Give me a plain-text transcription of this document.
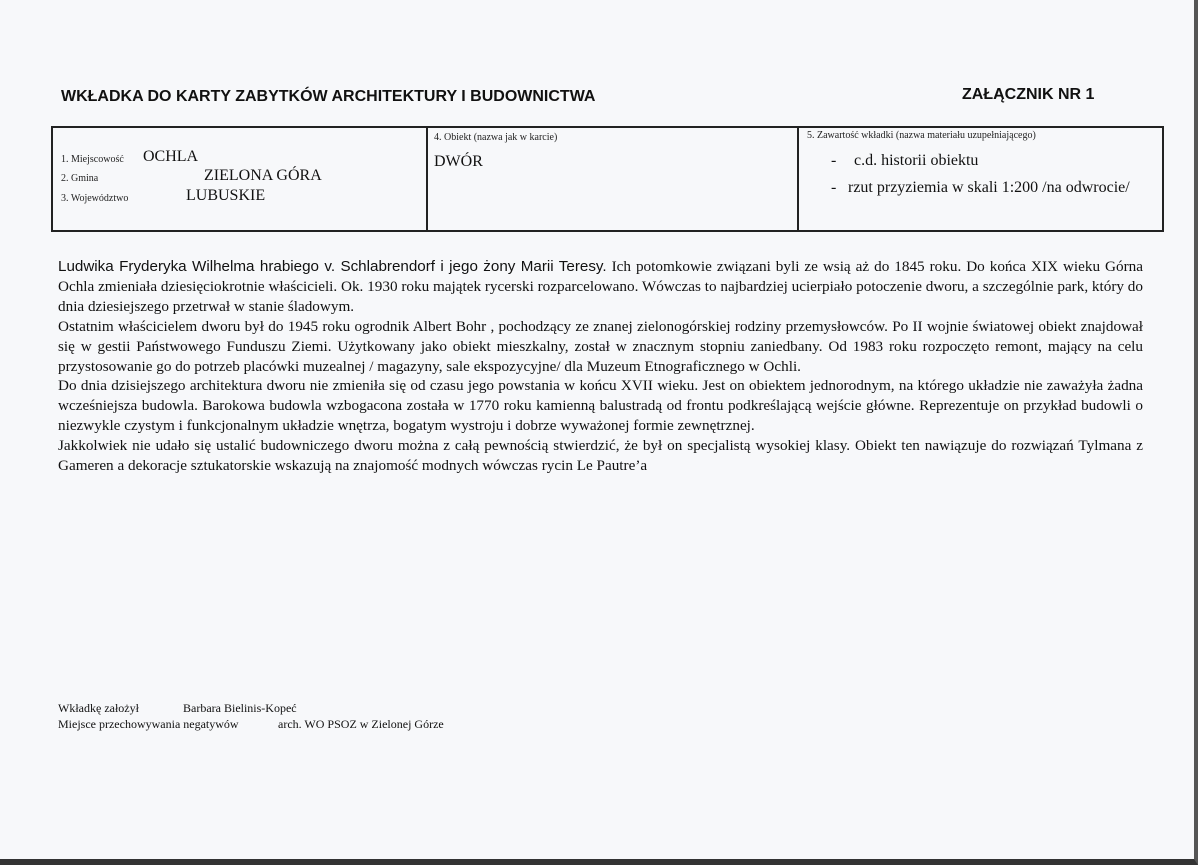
WKŁADKA DO KARTY ZABYTKÓW ARCHITEKTURY I BUDOWNICTWA	ZAŁĄCZNIK NR 1
1. Miejscowość OCHLA
2. Gmina	ZIELONA GÓRA
3. Województwo	LUBUSKIE
4. Obiekt (nazwa jak w karcie)
DWÓR
5. Zawartość wkładki (nazwa materiału uzupełniającego)
- c.d. historii obiektu
- rzut przyziemia w skali 1:200 /na odwrocie/

Ludwika Fryderyka Wilhelma hrabiego v. Schlabrendorf i jego żony Marii Teresy. Ich potomkowie związani byli ze wsią aż do 1845 roku. Do końca XIX wieku Górna Ochla zmieniała dziesięciokrotnie właścicieli. Ok. 1930 roku majątek rycerski rozparcelowano. Wówczas to najbardziej ucierpiało potoczenie dworu, a szczególnie park, który do dnia dziesiejszego przetrwał w stanie śladowym.

Ostatnim właścicielem dworu był do 1945 roku ogrodnik Albert Bohr , pochodzący ze znanej zielonogórskiej rodziny przemysłowców. Po II wojnie światowej obiekt znajdował się w gestii Państwowego Funduszu Ziemi. Użytkowany jako obiekt mieszkalny, został w znacznym stopniu zaniedbany. Od 1983 roku rozpoczęto remont, mający na celu przystosowanie go do potrzeb placówki muzealnej / magazyny, sale ekspozycyjne/ dla Muzeum Etnograficznego w Ochli.

Do dnia dzisiejszego architektura dworu nie zmieniła się od czasu jego powstania w końcu XVII wieku. Jest on obiektem jednorodnym, na którego układzie nie zaważyła żadna wcześniejsza budowla. Barokowa budowla wzbogacona została w 1770 roku kamienną balustradą od frontu podkreślającą wejście główne. Reprezentuje on przykład budowli o niezwykle czystym i funkcjonalnym układzie wnętrza, bogatym wystroju i dobrze wyważonej formie zewnętrznej.

Jakkolwiek nie udało się ustalić budowniczego dworu można z całą pewnością stwierdzić, że był on specjalistą wysokiej klasy. Obiekt ten nawiązuje do rozwiązań Tylmana z Gameren a dekoracje sztukatorskie wskazują na znajomość modnych wówczas rycin Le Pautre’a

Wkładkę założył	Barbara Bielinis-Kopeć
Miejsce przechowywania negatywów	arch. WO PSOZ w Zielonej Górze
